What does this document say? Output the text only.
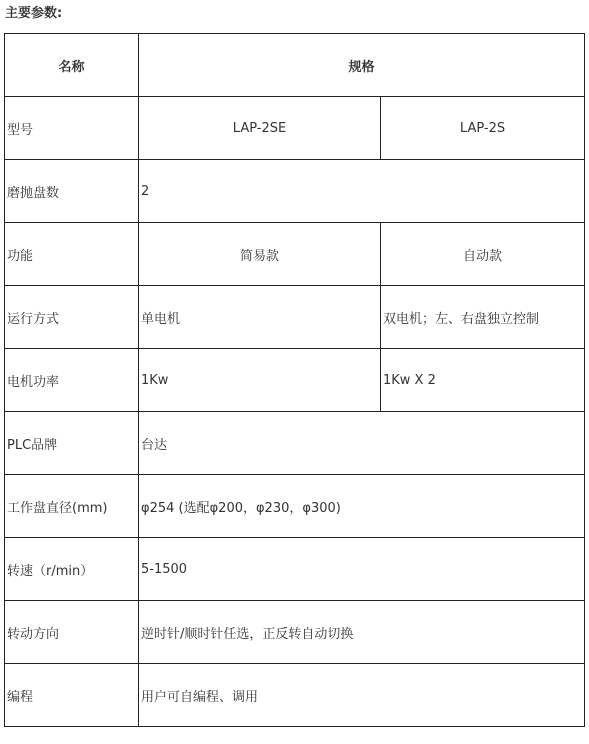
主要参数:
名称	规格	
型号	LAP-2SE	LAP-2S
磨抛盘数	2	
功能	简易款	自动款
运行方式	单电机	双电机；左、右盘独立控制
电机功率	1Kw	1Kw X 2
PLC品牌	台达	
工作盘直径(mm)	φ254 (选配φ200，φ230，φ300)	
转速（r/min）	5-1500	
转动方向	逆时针/顺时针任选，正反转自动切换	
编程	用户可自编程、调用	
